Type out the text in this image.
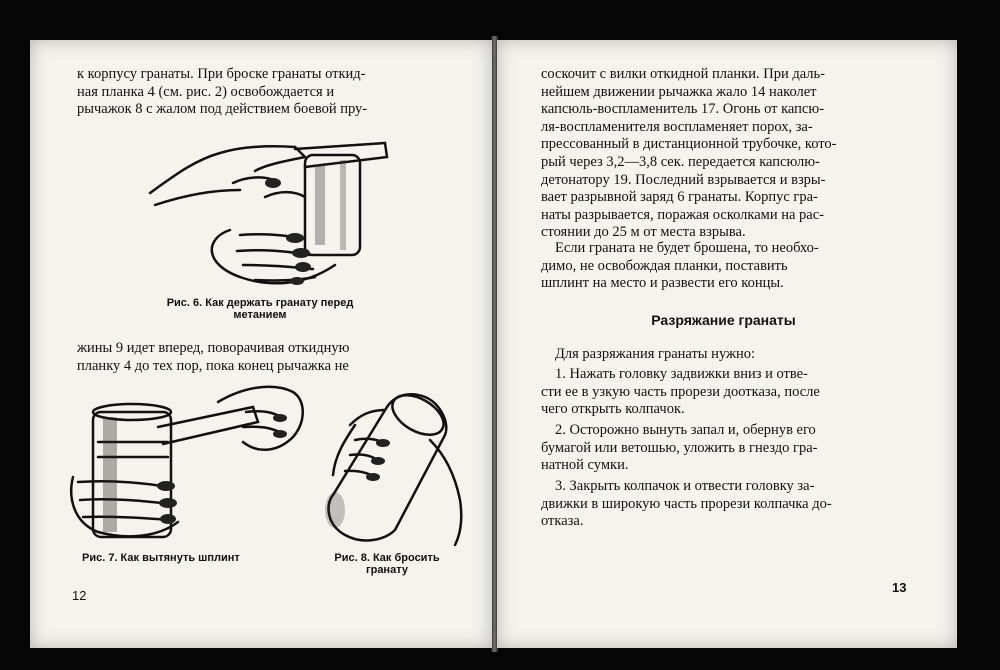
к корпусу гранаты. При броске гранаты откид-
ная планка 4 (см. рис. 2) освобождается и
рычажок 8 с жалом под действием боевой пру-
Рис. 6. Как держать гранату перед
метанием
жины 9 идет вперед, поворачивая откидную
планку 4 до тех пор, пока конец рычажка не
Рис. 7. Как вытянуть шплинт	Рис. 8. Как бросить
гранату
12
соскочит с вилки откидной планки. При даль-
нейшем движении рычажка жало 14 наколет
капсюль-воспламенитель 17. Огонь от капсю-
ля-воспламенителя воспламеняет порох, за-
прессованный в дистанционной трубочке, кото-
рый через 3,2—3,8 сек. передается капсюлю-
детонатору 19. Последний взрывается и взры-
вает разрывной заряд 6 гранаты. Корпус гра-
наты разрывается, поражая осколками на рас-
стоянии до 25 м от места взрыва.
Если граната не будет брошена, то необхо-
димо, не освобождая планки, поставить
шплинт на место и развести его концы.
Разряжание гранаты
Для разряжания гранаты нужно:
1. Нажать головку задвижки вниз и отве-
сти ее в узкую часть прорези доотказа, после
чего открыть колпачок.
2. Осторожно вынуть запал и, обернув его
бумагой или ветошью, уложить в гнездо гра-
натной сумки.
3. Закрыть колпачок и отвести головку за-
движки в широкую часть прорези колпачка до-
отказа.
13
